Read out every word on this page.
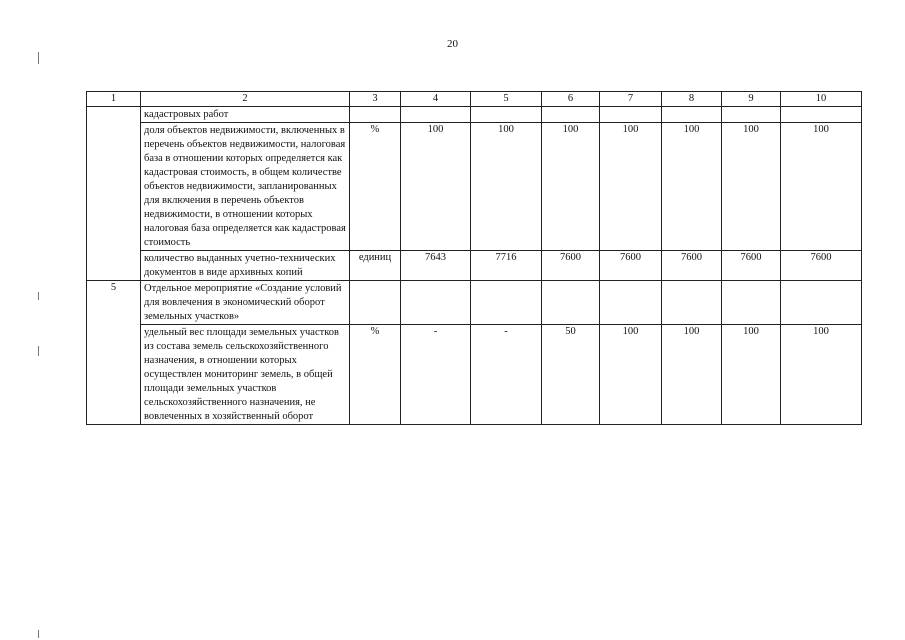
20
1	2	3	4	5	6	7	8	9	10
	кадастровых работ								
	доля объектов недвижимости, включенных в перечень объектов недвижимости, налоговая база в отношении которых определяется как кадастровая стоимость, в общем количестве объектов недвижимости, запланированных для включения в перечень объектов недвижимости, в отношении которых налоговая база определяется как кадастровая стоимость	%	100	100	100	100	100	100	100
	количество выданных учетно-технических документов в виде архивных копий	единиц	7643	7716	7600	7600	7600	7600	7600
5	Отдельное мероприятие «Создание условий для вовлечения в экономический оборот земельных участков»								
	удельный вес площади земельных участков из состава земель сельскохозяйственного назначения, в отношении которых осуществлен мониторинг земель, в общей площади земельных участков сельскохозяйственного назначения, не вовлеченных в хозяйственный оборот	%	-	-	50	100	100	100	100
